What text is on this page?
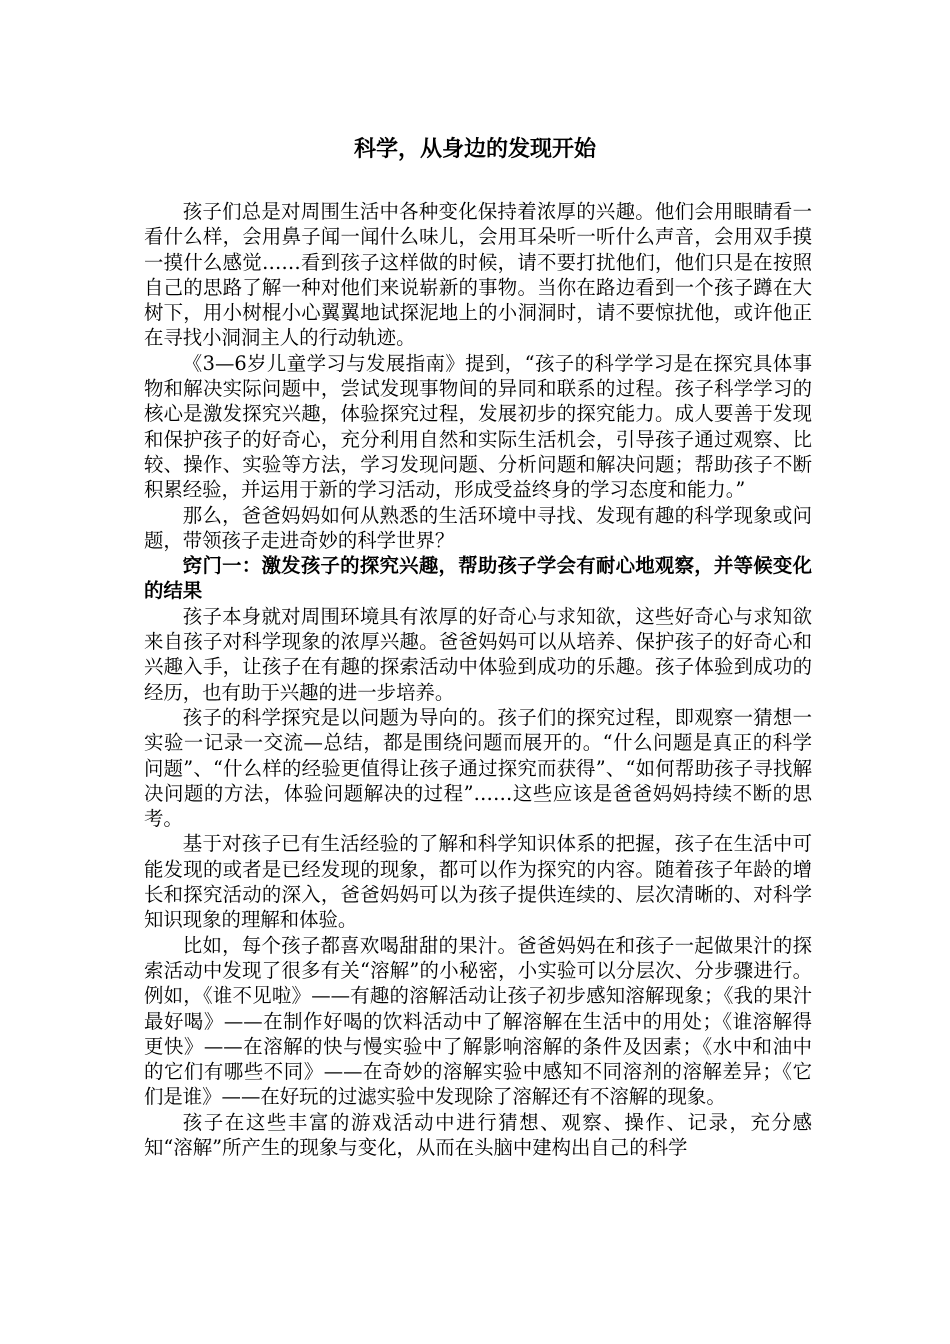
科学，从身边的发现开始

孩子们总是对周围生活中各种变化保持着浓厚的兴趣。他们会用眼睛看一看什么样，会用鼻子闻一闻什么味儿，会用耳朵听一听什么声音，会用双手摸一摸什么感觉……看到孩子这样做的时候，请不要打扰他们，他们只是在按照自己的思路了解一种对他们来说崭新的事物。当你在路边看到一个孩子蹲在大树下，用小树棍小心翼翼地试探泥地上的小洞洞时，请不要惊扰他，或许他正在寻找小洞洞主人的行动轨迹。

《3—6岁儿童学习与发展指南》提到，“孩子的科学学习是在探究具体事物和解决实际问题中，尝试发现事物间的异同和联系的过程。孩子科学学习的核心是激发探究兴趣，体验探究过程，发展初步的探究能力。成人要善于发现和保护孩子的好奇心，充分利用自然和实际生活机会，引导孩子通过观察、比较、操作、实验等方法，学习发现问题、分析问题和解决问题；帮助孩子不断积累经验，并运用于新的学习活动，形成受益终身的学习态度和能力。”

那么，爸爸妈妈如何从熟悉的生活环境中寻找、发现有趣的科学现象或问题，带领孩子走进奇妙的科学世界？

窍门一：激发孩子的探究兴趣，帮助孩子学会有耐心地观察，并等候变化的结果

孩子本身就对周围环境具有浓厚的好奇心与求知欲，这些好奇心与求知欲来自孩子对科学现象的浓厚兴趣。爸爸妈妈可以从培养、保护孩子的好奇心和兴趣入手，让孩子在有趣的探索活动中体验到成功的乐趣。孩子体验到成功的经历，也有助于兴趣的进一步培养。

孩子的科学探究是以问题为导向的。孩子们的探究过程，即观察一猜想一实验一记录一交流—总结，都是围绕问题而展开的。“什么问题是真正的科学问题”、“什么样的经验更值得让孩子通过探究而获得”、“如何帮助孩子寻找解决问题的方法，体验问题解决的过程”……这些应该是爸爸妈妈持续不断的思考。

基于对孩子已有生活经验的了解和科学知识体系的把握，孩子在生活中可能发现的或者是已经发现的现象，都可以作为探究的内容。随着孩子年龄的增长和探究活动的深入，爸爸妈妈可以为孩子提供连续的、层次清晰的、对科学知识现象的理解和体验。

比如，每个孩子都喜欢喝甜甜的果汁。爸爸妈妈在和孩子一起做果汁的探索活动中发现了很多有关“溶解”的小秘密，小实验可以分层次、分步骤进行。例如，《谁不见啦》——有趣的溶解活动让孩子初步感知溶解现象；《我的果汁最好喝》——在制作好喝的饮料活动中了解溶解在生活中的用处；《谁溶解得更快》——在溶解的快与慢实验中了解影响溶解的条件及因素；《水中和油中的它们有哪些不同》——在奇妙的溶解实验中感知不同溶剂的溶解差异；《它们是谁》——在好玩的过滤实验中发现除了溶解还有不溶解的现象。

孩子在这些丰富的游戏活动中进行猜想、观察、操作、记录，充分感知“溶解”所产生的现象与变化，从而在头脑中建构出自己的科学
